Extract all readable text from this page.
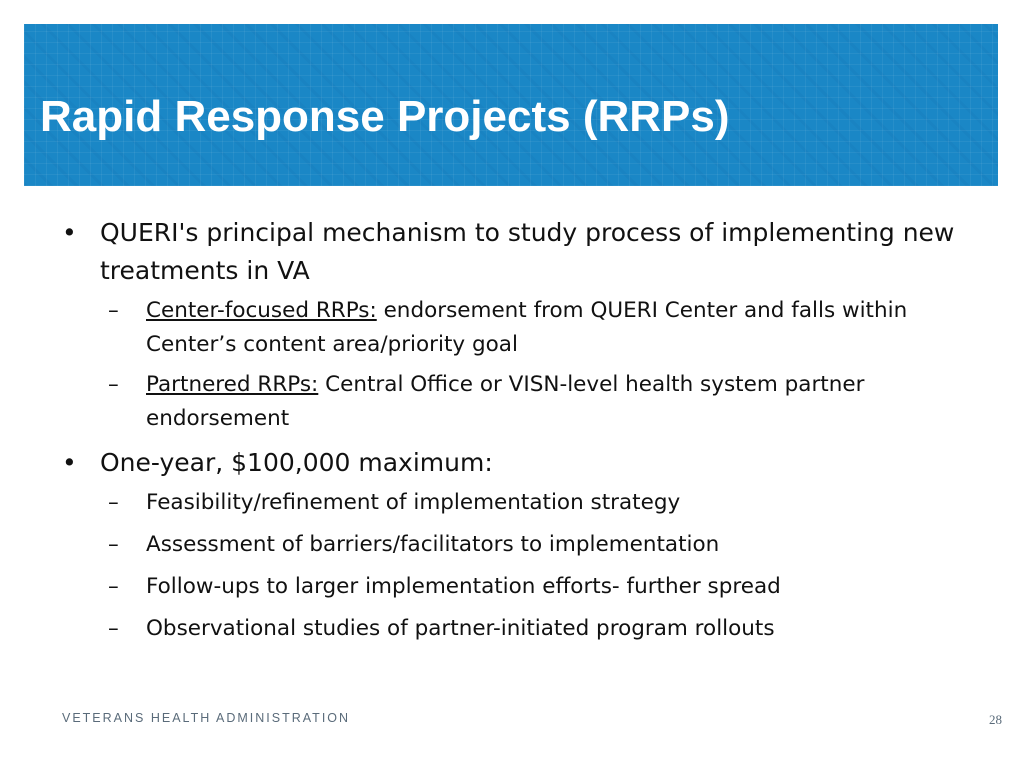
Rapid Response Projects (RRPs)
• QUERI's principal mechanism to study process of implementing new treatments in VA
– Center-focused RRPs: endorsement from QUERI Center and falls within Center’s content area/priority goal
– Partnered RRPs: Central Office or VISN-level health system partner endorsement
• One-year, $100,000 maximum:
– Feasibility/refinement of implementation strategy
– Assessment of barriers/facilitators to implementation
– Follow-ups to larger implementation efforts- further spread
– Observational studies of partner-initiated program rollouts
VETERANS HEALTH ADMINISTRATION	28
